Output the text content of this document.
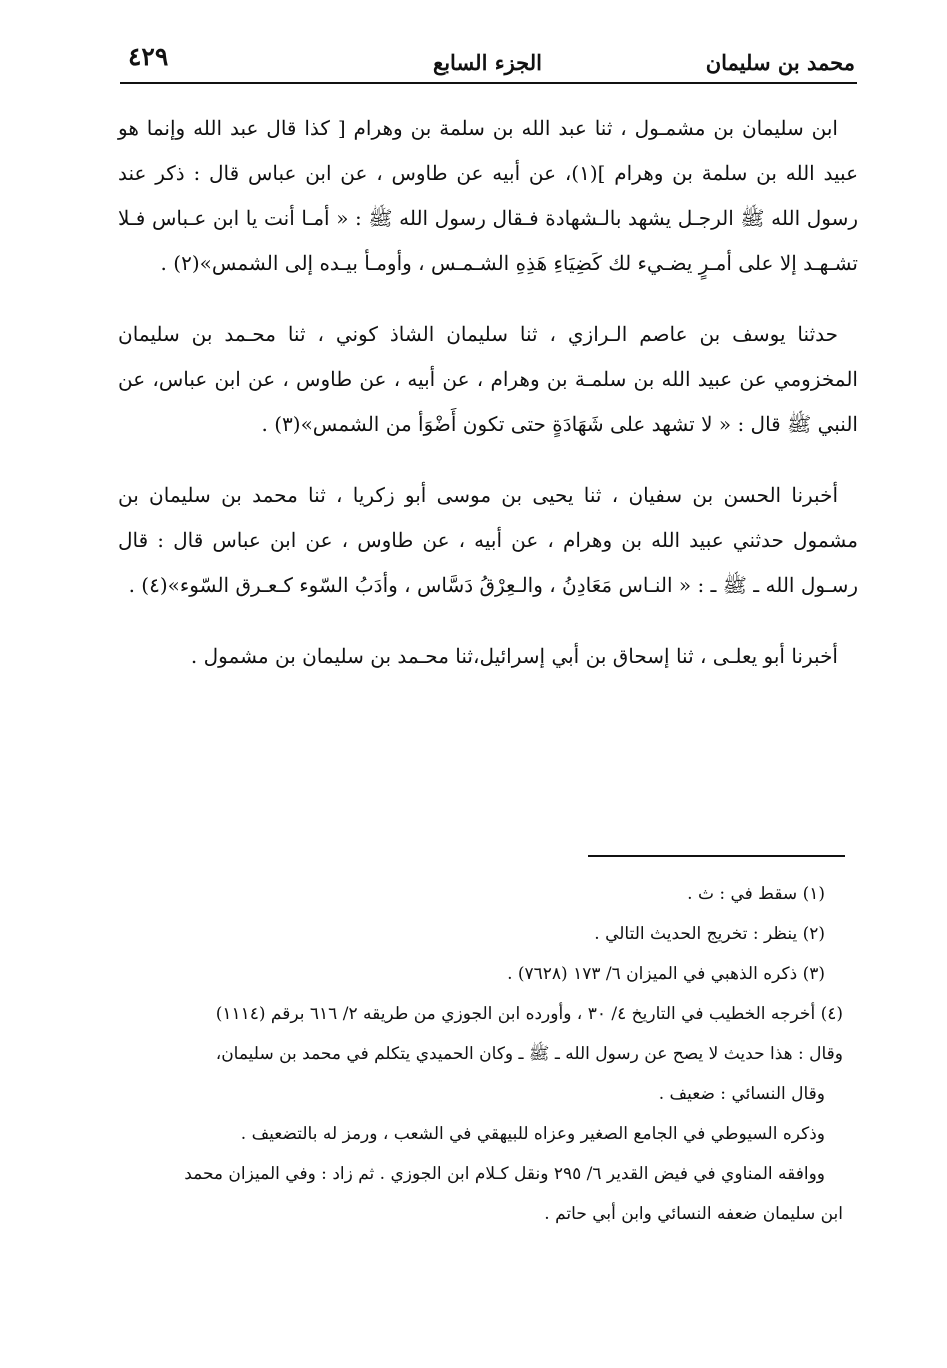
محمد بن سليمان
الجزء السابع
٤٢٩

ابن سليمان بن مشمـول ، ثنا عبد الله بن سلمة بن وهرام [ كذا قال عبد الله وإنما هو عبيد الله بن سلمة بن وهرام ](١)، عن أبيه عن طاوس ، عن ابن عباس قال : ذكر عند رسول الله ﷺ الرجـل يشهد بالـشهادة فـقال رسول الله ﷺ : « أمـا أنت يا ابن عـباس فـلا تشـهـد إلا على أمـرٍ يضـيء لك كَضِيَاءِ هَذِهِ الشـمـس ، وأومـأ بيـده إلى الشمس»(٢) .

حدثنا يوسف بن عاصم الـرازي ، ثنا سليمان الشاذ كوني ، ثنا محـمد بن سليمان المخزومي عن عبيد الله بن سلمـة بن وهرام ، عن أبيه ، عن طاوس ، عن ابن عباس، عن النبي ﷺ قال : « لا تشهد على شَهَادَةٍ حتى تكون أَضْوَأ من الشمس»(٣) .

أخبرنا الحسن بن سفيان ، ثنا يحيى بن موسى أبو زكريا ، ثنا محمد بن سليمان بن مشمول حدثني عبيد الله بن وهرام ، عن أبيه ، عن طاوس ، عن ابن عباس قال : قال رسـول الله ـ ﷺ ـ : « النـاس مَعَادِنُ ، والـعِرْقُ دَسَّاس ، وأدَبُ السّوء كـعـرق السّوء»(٤) .

أخبرنا أبو يعلـى ، ثنا إسحاق بن أبي إسرائيل،ثنا محـمد بن سليمان بن مشمول .

(١) سقط في : ث .

(٢) ينظر : تخريج الحديث التالي .

(٣) ذكره الذهبي في الميزان ٦/ ١٧٣ (٧٦٢٨) .

(٤) أخرجه الخطيب في التاريخ ٤/ ٣٠ ، وأورده ابن الجوزي من طريقه ٢/ ٦١٦ برقم (١١١٤)

وقال : هذا حديث لا يصح عن رسول الله ـ ﷺ ـ وكان الحميدي يتكلم في محمد بن سليمان،

وقال النسائي : ضعيف .

وذكره السيوطي في الجامع الصغير وعزاه للبيهقي في الشعب ، ورمز له بالتضعيف .

ووافقه المناوي في فيض القدير ٦/ ٢٩٥ ونقل كـلام ابن الجوزي . ثم زاد : وفي الميزان محمد

ابن سليمان ضعفه النسائي وابن أبي حاتم .
